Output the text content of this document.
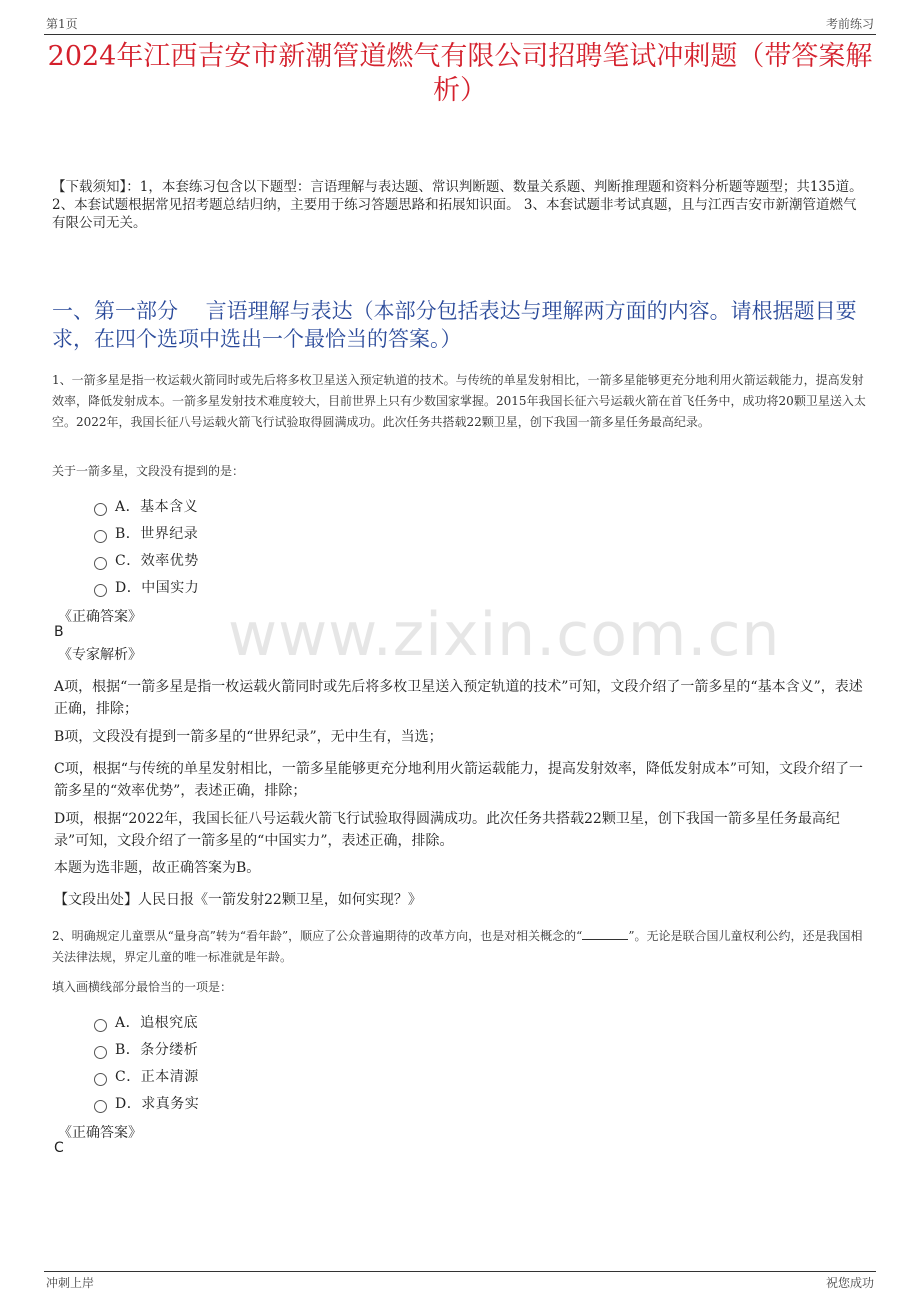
第1页	考前练习
2024年江西吉安市新潮管道燃气有限公司招聘笔试冲刺题（带答案解析）
【下载须知】：1，本套练习包含以下题型：言语理解与表达题、常识判断题、数量关系题、判断推理题和资料分析题等题型；共135道。 2、本套试题根据常见招考题总结归纳，主要用于练习答题思路和拓展知识面。 3、本套试题非考试真题，且与江西吉安市新潮管道燃气有限公司无关。
一、第一部分　 言语理解与表达（本部分包括表达与理解两方面的内容。请根据题目要求，在四个选项中选出一个最恰当的答案。）
1、一箭多星是指一枚运载火箭同时或先后将多枚卫星送入预定轨道的技术。与传统的单星发射相比，一箭多星能够更充分地利用火箭运载能力，提高发射效率，降低发射成本。一箭多星发射技术难度较大，目前世界上只有少数国家掌握。2015年我国长征六号运载火箭在首飞任务中，成功将20颗卫星送入太空。2022年，我国长征八号运载火箭飞行试验取得圆满成功。此次任务共搭载22颗卫星，创下我国一箭多星任务最高纪录。
关于一箭多星，文段没有提到的是：
A．基本含义
B．世界纪录
C．效率优势
D．中国实力
《正确答案》
B
《专家解析》 www.zixin.com.cn
A项，根据“一箭多星是指一枚运载火箭同时或先后将多枚卫星送入预定轨道的技术”可知，文段介绍了一箭多星的“基本含义”，表述正确，排除；
B项，文段没有提到一箭多星的“世界纪录”，无中生有，当选；
C项，根据“与传统的单星发射相比，一箭多星能够更充分地利用火箭运载能力，提高发射效率，降低发射成本”可知，文段介绍了一箭多星的“效率优势”，表述正确，排除；
D项，根据“2022年，我国长征八号运载火箭飞行试验取得圆满成功。此次任务共搭载22颗卫星，创下我国一箭多星任务最高纪录”可知，文段介绍了一箭多星的“中国实力”，表述正确，排除。
本题为选非题，故正确答案为B。
【文段出处】人民日报《一箭发射22颗卫星，如何实现？》
2、明确规定儿童票从“量身高”转为“看年龄”，顺应了公众普遍期待的改革方向，也是对相关概念的“	”。无论是联合国儿童权利公约，还是我国相关法律法规，界定儿童的唯一标准就是年龄。
填入画横线部分最恰当的一项是：
A．追根究底
B．条分缕析
C．正本清源
D．求真务实
《正确答案》
C
冲刺上岸	祝您成功
